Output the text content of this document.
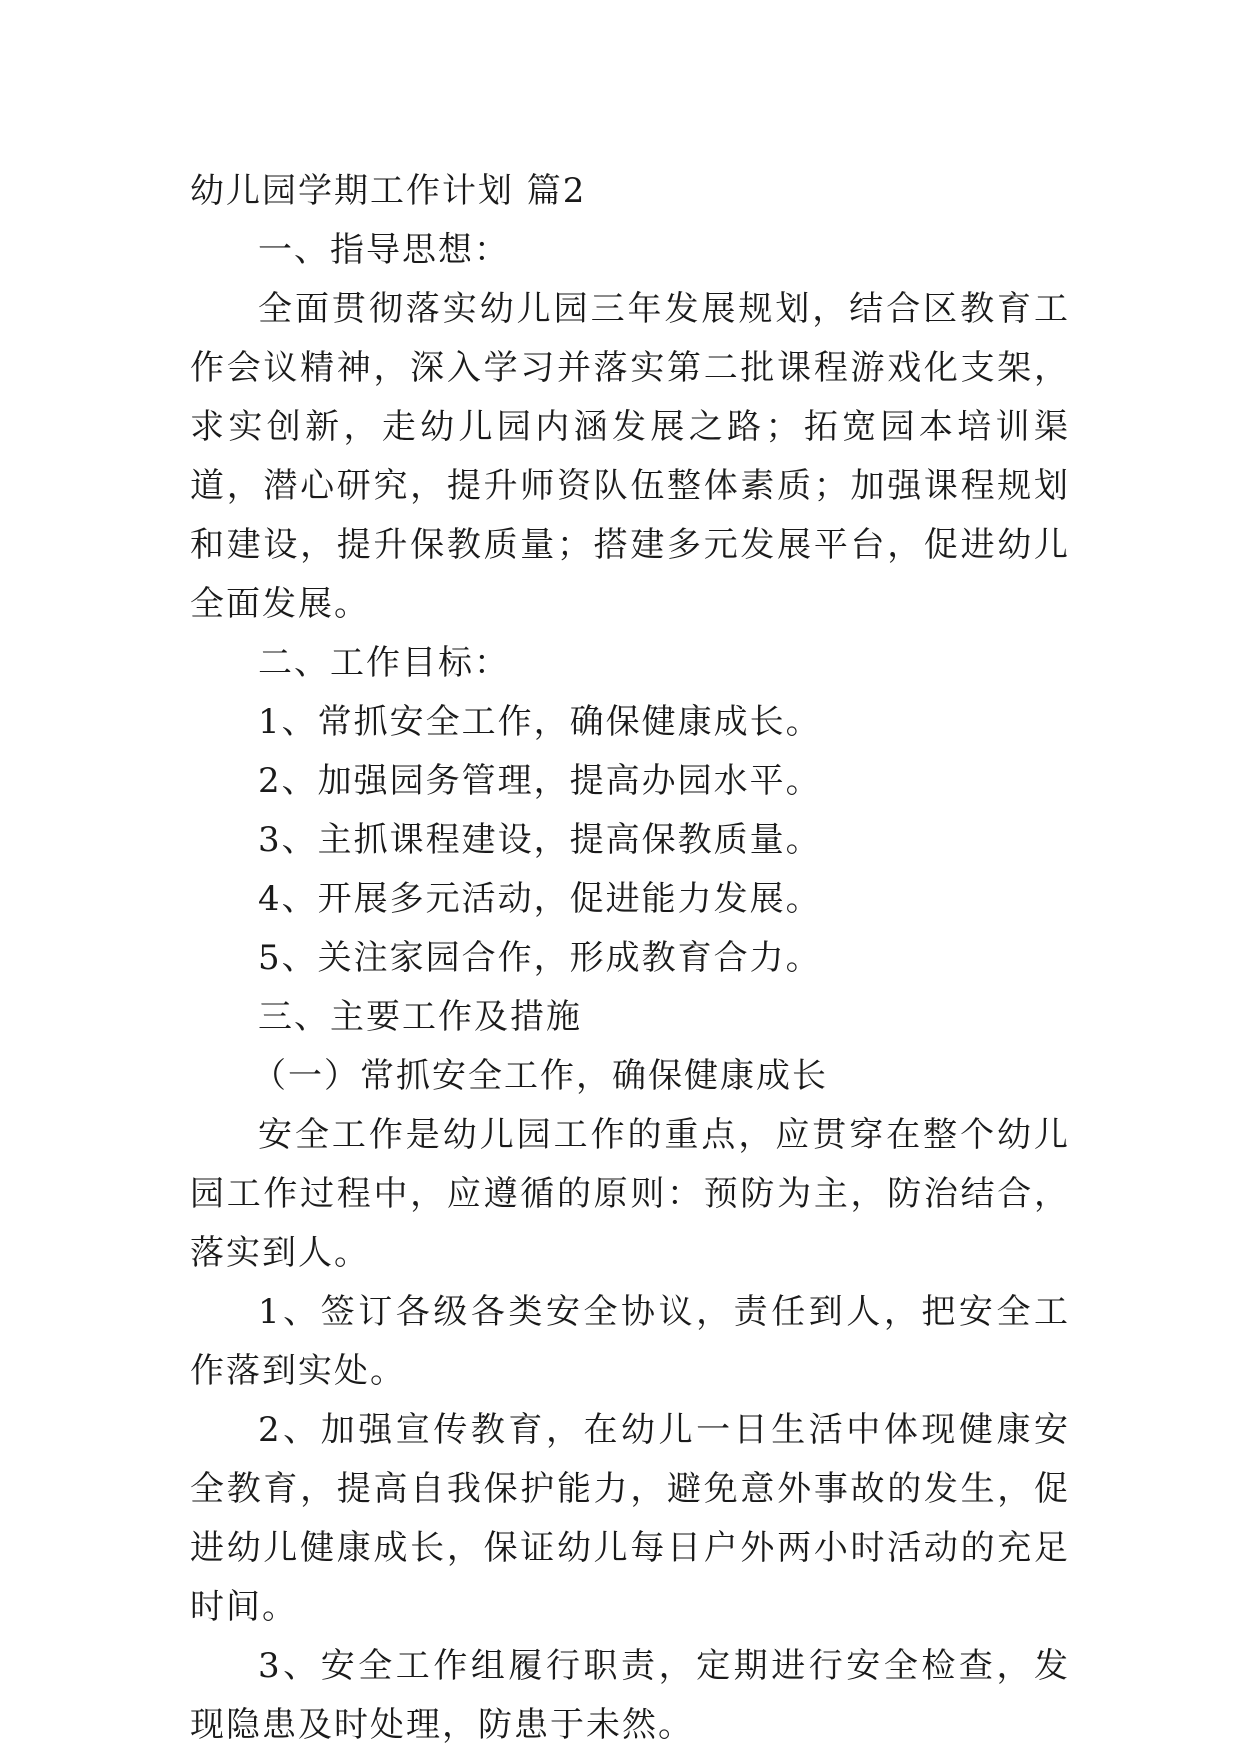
幼儿园学期工作计划 篇2

一、指导思想：

全面贯彻落实幼儿园三年发展规划，结合区教育工作会议精神，深入学习并落实第二批课程游戏化支架，求实创新，走幼儿园内涵发展之路；拓宽园本培训渠道，潜心研究，提升师资队伍整体素质；加强课程规划和建设，提升保教质量；搭建多元发展平台，促进幼儿全面发展。

二、工作目标：

1、常抓安全工作，确保健康成长。

2、加强园务管理，提高办园水平。

3、主抓课程建设，提高保教质量。

4、开展多元活动，促进能力发展。

5、关注家园合作，形成教育合力。

三、主要工作及措施

（一）常抓安全工作，确保健康成长

安全工作是幼儿园工作的重点，应贯穿在整个幼儿园工作过程中，应遵循的原则：预防为主，防治结合，落实到人。

1、签订各级各类安全协议，责任到人，把安全工作落到实处。

2、加强宣传教育，在幼儿一日生活中体现健康安全教育，提高自我保护能力，避免意外事故的发生，促进幼儿健康成长，保证幼儿每日户外两小时活动的充足时间。

3、安全工作组履行职责，定期进行安全检查，发现隐患及时处理，防患于未然。
